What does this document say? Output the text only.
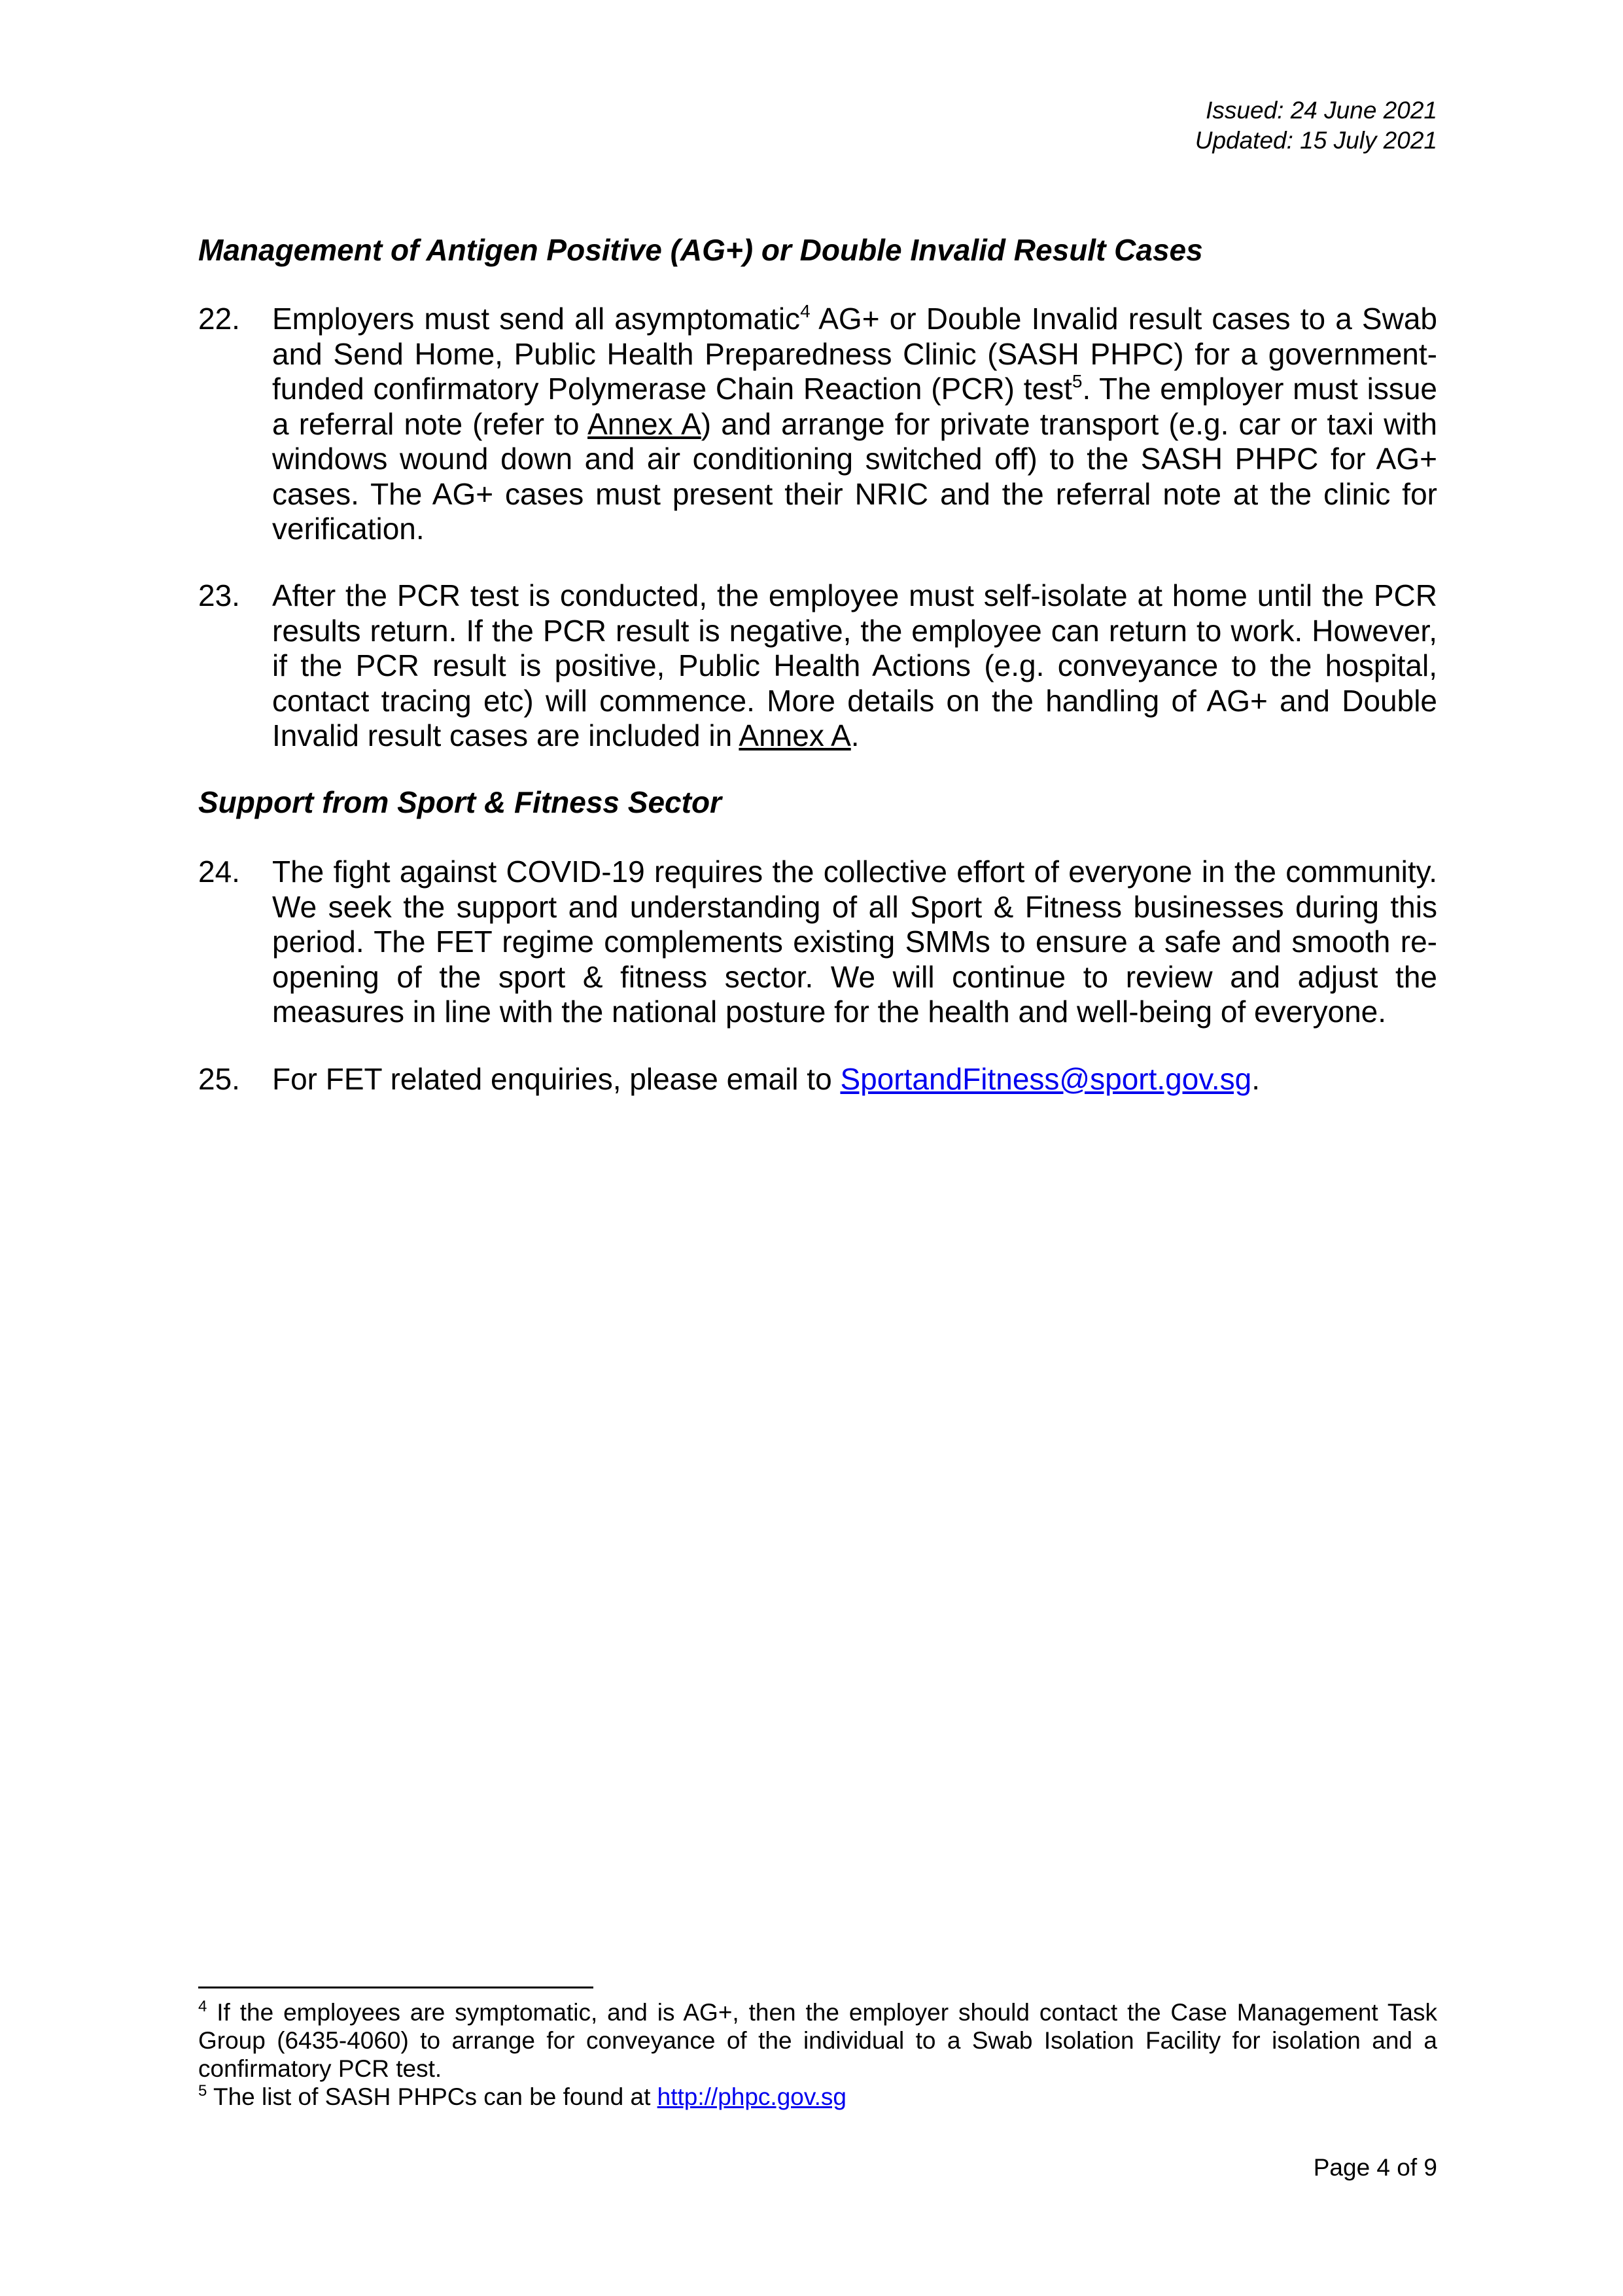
Issued: 24 June 2021
Updated: 15 July 2021
Management of Antigen Positive (AG+) or Double Invalid Result Cases
22. Employers must send all asymptomatic$^4$ AG+ or Double Invalid result cases to a Swab and Send Home, Public Health Preparedness Clinic (SASH PHPC) for a government-funded confirmatory Polymerase Chain Reaction (PCR) test$^5$. The employer must issue a referral note (refer to Annex A) and arrange for private transport (e.g. car or taxi with windows wound down and air conditioning switched off) to the SASH PHPC for AG+ cases. The AG+ cases must present their NRIC and the referral note at the clinic for verification.
23. After the PCR test is conducted, the employee must self-isolate at home until the PCR results return. If the PCR result is negative, the employee can return to work. However, if the PCR result is positive, Public Health Actions (e.g. conveyance to the hospital, contact tracing etc) will commence. More details on the handling of AG+ and Double Invalid result cases are included in Annex A.
Support from Sport & Fitness Sector
24. The fight against COVID-19 requires the collective effort of everyone in the community. We seek the support and understanding of all Sport & Fitness businesses during this period. The FET regime complements existing SMMs to ensure a safe and smooth re-opening of the sport & fitness sector. We will continue to review and adjust the measures in line with the national posture for the health and well-being of everyone.
25. For FET related enquiries, please email to SportandFitness@sport.gov.sg.
$^4$ If the employees are symptomatic, and is AG+, then the employer should contact the Case Management Task Group (6435-4060) to arrange for conveyance of the individual to a Swab Isolation Facility for isolation and a confirmatory PCR test.
$^5$ The list of SASH PHPCs can be found at http://phpc.gov.sg
Page 4 of 9
